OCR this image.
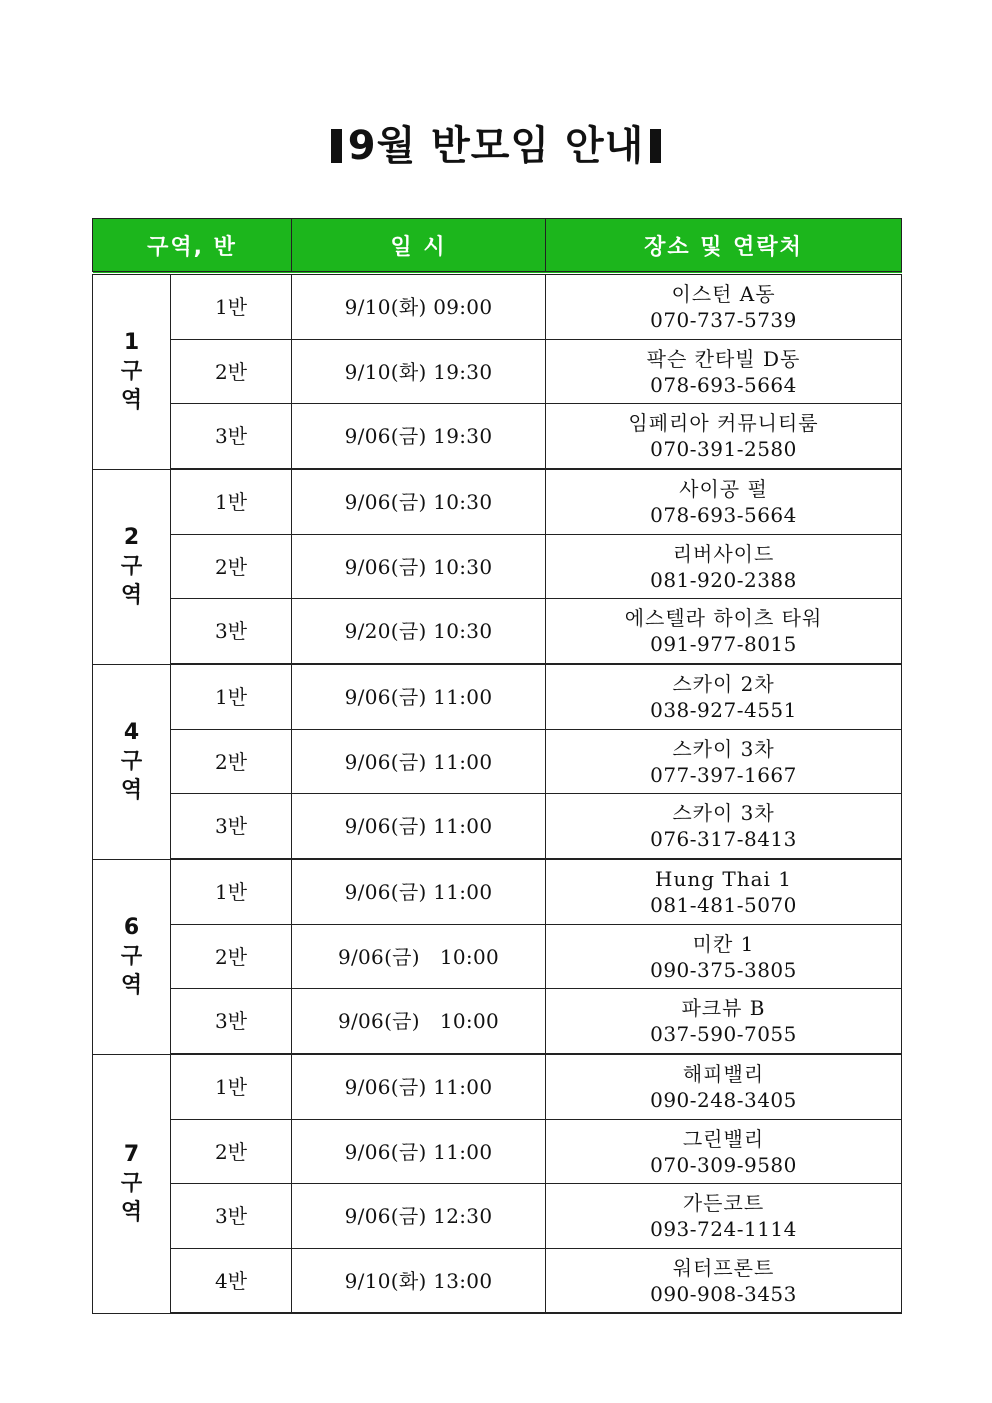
9월 반모임 안내
구역, 반		일 시	장소 및 연락처

1
구
역	1반	9/10(화) 09:00	이스턴 A동
070-737-5739

	2반	9/10(화) 19:30	팍슨 칸타빌 D동
078-693-5664

	3반	9/06(금) 19:30	임페리아 커뮤니티룸
070-391-2580

2
구
역	1반	9/06(금) 10:30	사이공 펄
078-693-5664

	2반	9/06(금) 10:30	리버사이드
081-920-2388

	3반	9/20(금) 10:30	에스텔라 하이츠 타워
091-977-8015

4
구
역	1반	9/06(금) 11:00	스카이 2차
038-927-4551

	2반	9/06(금) 11:00	스카이 3차
077-397-1667

	3반	9/06(금) 11:00	스카이 3차
076-317-8413

6
구
역	1반	9/06(금) 11:00	Hung Thai 1
081-481-5070

	2반	9/06(금)   10:00	미칸 1
090-375-3805

	3반	9/06(금)   10:00	파크뷰 B
037-590-7055

7
구
역	1반	9/06(금) 11:00	해피밸리
090-248-3405

	2반	9/06(금) 11:00	그린밸리
070-309-9580

	3반	9/06(금) 12:30	가든코트
093-724-1114

	4반	9/10(화) 13:00	워터프론트
090-908-3453
